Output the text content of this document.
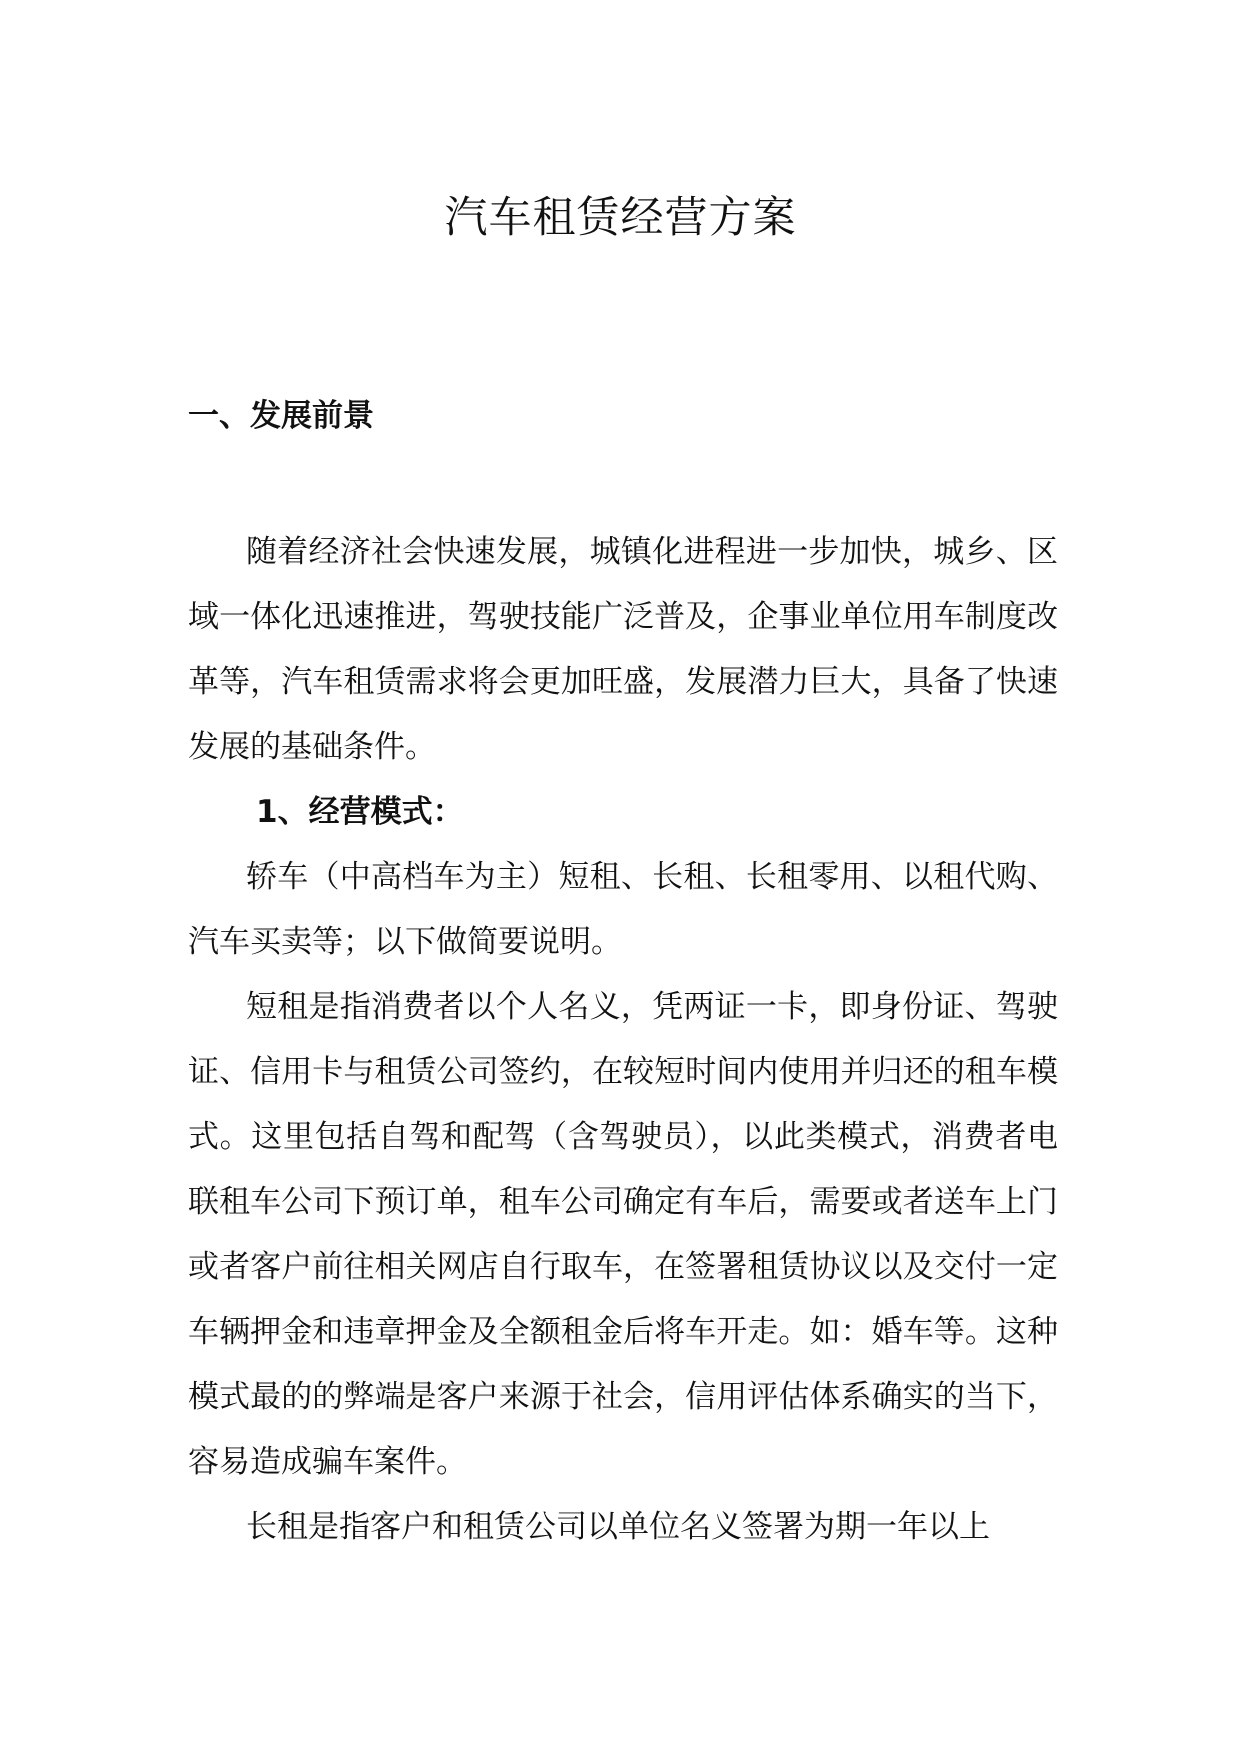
汽车租赁经营方案
一、发展前景

随着经济社会快速发展，城镇化进程进一步加快，城乡、区域一体化迅速推进，驾驶技能广泛普及，企事业单位用车制度改革等，汽车租赁需求将会更加旺盛，发展潜力巨大，具备了快速发展的基础条件。

1、经营模式：

轿车（中高档车为主）短租、长租、长租零用、以租代购、汽车买卖等；以下做简要说明。

短租是指消费者以个人名义，凭两证一卡，即身份证、驾驶证、信用卡与租赁公司签约，在较短时间内使用并归还的租车模式。这里包括自驾和配驾（含驾驶员），以此类模式，消费者电联租车公司下预订单，租车公司确定有车后，需要或者送车上门或者客户前往相关网店自行取车，在签署租赁协议以及交付一定车辆押金和违章押金及全额租金后将车开走。如：婚车等。这种模式最的的弊端是客户来源于社会，信用评估体系确实的当下，容易造成骗车案件。

长租是指客户和租赁公司以单位名义签署为期一年以上
